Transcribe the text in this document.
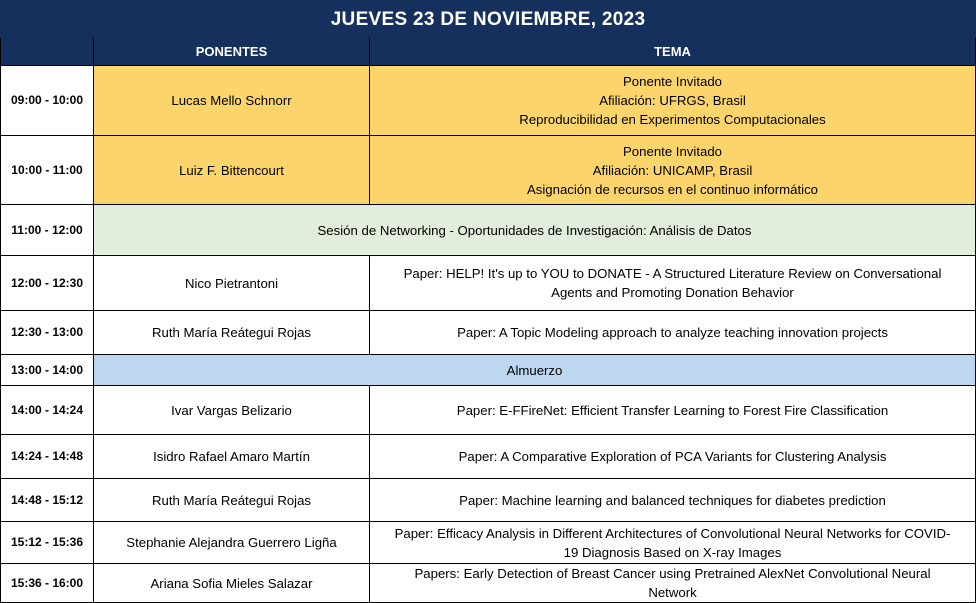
JUEVES 23 DE NOVIEMBRE, 2023		
	PONENTES	TEMA
09:00 - 10:00	Lucas Mello Schnorr	Ponente Invitado
Afiliación: UFRGS, Brasil
Reproducibilidad en Experimentos Computacionales

10:00 - 11:00	Luiz F. Bittencourt	Ponente Invitado
Afiliación: UNICAMP, Brasil
Asignación de recursos en el continuo informático

11:00 - 12:00	Sesión de Networking - Oportunidades de Investigación: Análisis de Datos	
12:00 - 12:30	Nico Pietrantoni	Paper: HELP! It's up to YOU to DONATE - A Structured Literature Review on Conversational
Agents and Promoting Donation Behavior

12:30 - 13:00	Ruth María Reátegui Rojas	Paper: A Topic Modeling approach to analyze teaching innovation projects

13:00 - 14:00	Almuerzo	
14:00 - 14:24	Ivar Vargas Belizario	Paper: E-FFireNet: Efficient Transfer Learning to Forest Fire Classification

14:24 - 14:48	Isidro Rafael Amaro Martín	Paper: A Comparative Exploration of PCA Variants for Clustering Analysis

14:48 - 15:12	Ruth María Reátegui Rojas	Paper: Machine learning and balanced techniques for diabetes prediction

15:12 - 15:36	Stephanie Alejandra Guerrero Ligña	Paper: Efficacy Analysis in Different Architectures of Convolutional Neural Networks for COVID-
19 Diagnosis Based on X-ray Images

15:36 - 16:00	Ariana Sofia Mieles Salazar	Papers: Early Detection of Breast Cancer using Pretrained AlexNet Convolutional Neural
Network
